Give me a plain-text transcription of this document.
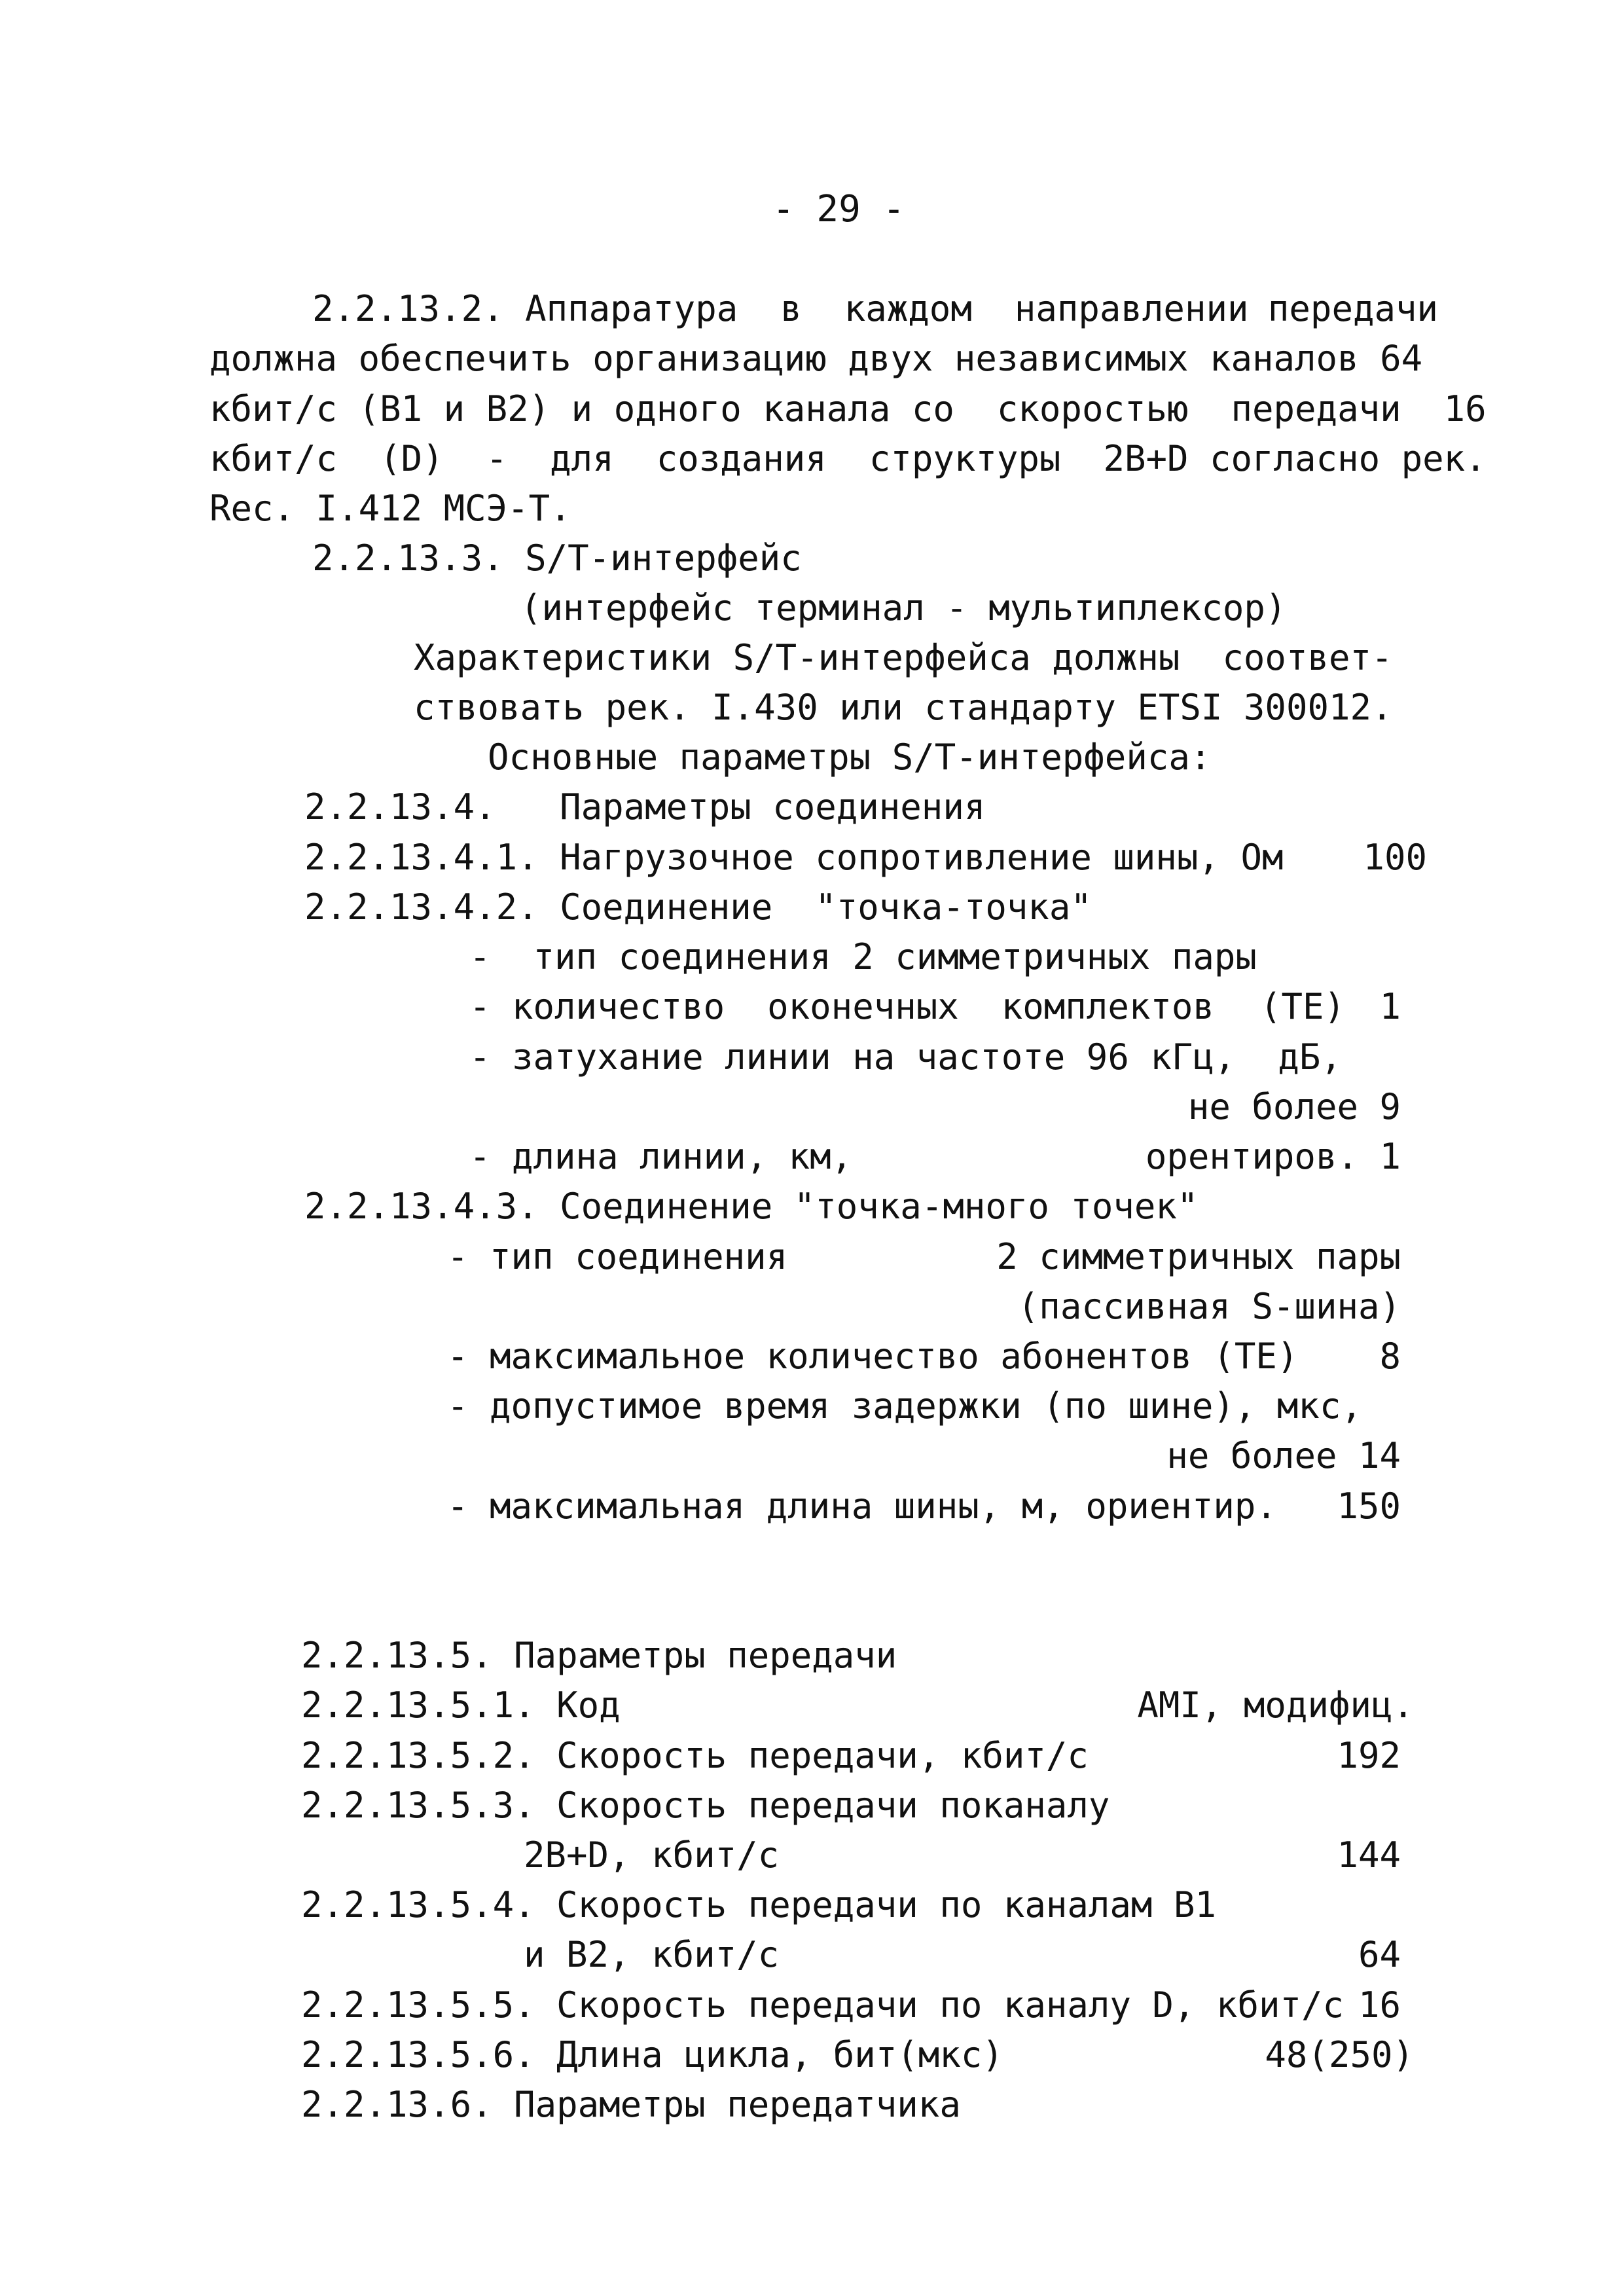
- 29 -

2.2.13.2. Аппаратура  в  каждом  направлении передачи

должна обеспечить организацию двух независимых каналов 64

кбит/с (В1 и В2) и одного канала со  скоростью  передачи  16

кбит/с  (D)  -  для  создания  структуры  2B+D согласно рек.

Rec. I.412 МСЭ-Т.

2.2.13.3. S/T-интерфейс

(интерфейс терминал - мультиплексор)

Характеристики S/T-интерфейса должны  соответ-

ствовать рек. I.430 или стандарту ETSI 300012.

Основные параметры S/T-интерфейса:

2.2.13.4.   Параметры соединения

2.2.13.4.1. Нагрузочное сопротивление шины, Ом	100

2.2.13.4.2. Соединение  "точка-точка"

-  тип соединения 2 симметричных пары

- количество  оконечных  комплектов (ТЕ) 1

- затухание линии на частоте 96 кГц,  дБ,

не более 9

- длина линии, км,	орентиров. 1

2.2.13.4.3. Соединение "точка-много точек"

- тип соединения	2 симметричных пары

(пассивная S-шина)

- максимальное количество абонентов (ТЕ)	8

- допустимое время задержки (по шине), мкс,

не более 14

- максимальная длина шины, м, ориентир.	150

2.2.13.5. Параметры передачи

2.2.13.5.1. Код	AMI, модифиц.

2.2.13.5.2. Скорость передачи, кбит/с	192

2.2.13.5.3. Скорость передачи поканалу

2B+D, кбит/с	144

2.2.13.5.4. Скорость передачи по каналам В1

и В2, кбит/с	64

2.2.13.5.5. Скорость передачи по каналу D, кбит/с 16

2.2.13.5.6. Длина цикла, бит(мкс)	48(250)

2.2.13.6. Параметры передатчика
